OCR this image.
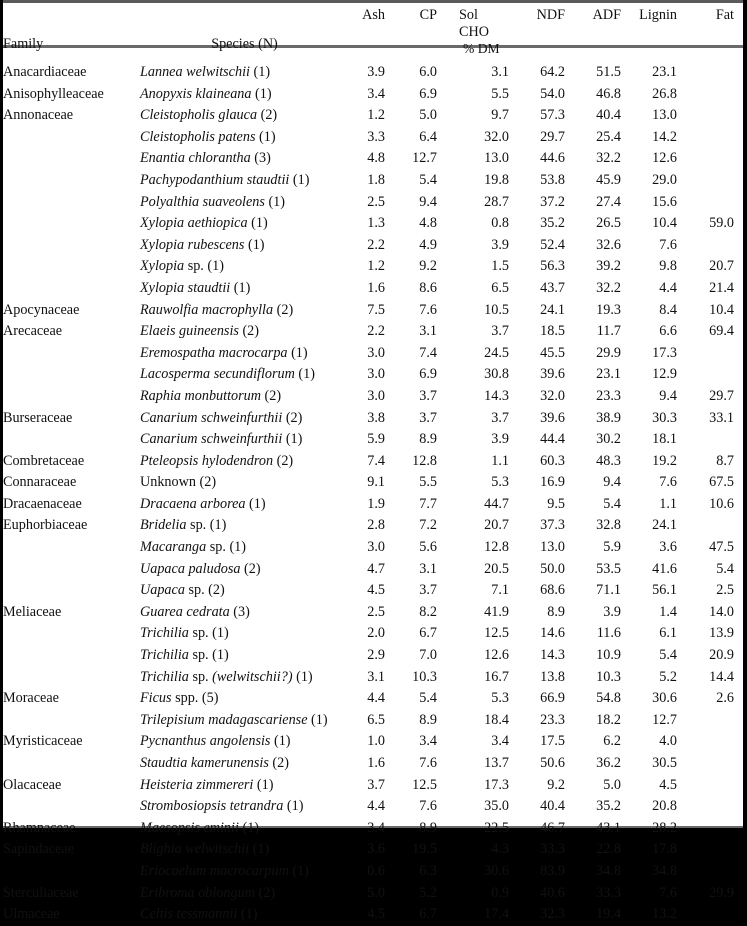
Family	Species (N)	Ash	CP	Sol CHO	NDF	ADF	Lignin	Fat

				% DM				

Anacardiaceae	Lannea welwitschii (1)	3.9	6.0	3.1	64.2	51.5	23.1	
Anisophylleaceae	Anopyxis klaineana (1)	3.4	6.9	5.5	54.0	46.8	26.8	
Annonaceae	Cleistopholis glauca (2)	1.2	5.0	9.7	57.3	40.4	13.0	
	Cleistopholis patens (1)	3.3	6.4	32.0	29.7	25.4	14.2	
	Enantia chlorantha (3)	4.8	12.7	13.0	44.6	32.2	12.6	
	Pachypodanthium staudtii (1)	1.8	5.4	19.8	53.8	45.9	29.0	
	Polyalthia suaveolens (1)	2.5	9.4	28.7	37.2	27.4	15.6	
	Xylopia aethiopica (1)	1.3	4.8	0.8	35.2	26.5	10.4	59.0
	Xylopia rubescens (1)	2.2	4.9	3.9	52.4	32.6	7.6	
	Xylopia sp. (1)	1.2	9.2	1.5	56.3	39.2	9.8	20.7
	Xylopia staudtii (1)	1.6	8.6	6.5	43.7	32.2	4.4	21.4
Apocynaceae	Rauwolfia macrophylla (2)	7.5	7.6	10.5	24.1	19.3	8.4	10.4
Arecaceae	Elaeis guineensis (2)	2.2	3.1	3.7	18.5	11.7	6.6	69.4
	Eremospatha macrocarpa (1)	3.0	7.4	24.5	45.5	29.9	17.3	
	Lacosperma secundiflorum (1)	3.0	6.9	30.8	39.6	23.1	12.9	
	Raphia monbuttorum (2)	3.0	3.7	14.3	32.0	23.3	9.4	29.7
Burseraceae	Canarium schweinfurthii (2)	3.8	3.7	3.7	39.6	38.9	30.3	33.1
	Canarium schweinfurthii (1)	5.9	8.9	3.9	44.4	30.2	18.1	
Combretaceae	Pteleopsis hylodendron (2)	7.4	12.8	1.1	60.3	48.3	19.2	8.7
Connaraceae	Unknown (2)	9.1	5.5	5.3	16.9	9.4	7.6	67.5
Dracaenaceae	Dracaena arborea (1)	1.9	7.7	44.7	9.5	5.4	1.1	10.6
Euphorbiaceae	Bridelia sp. (1)	2.8	7.2	20.7	37.3	32.8	24.1	
	Macaranga sp. (1)	3.0	5.6	12.8	13.0	5.9	3.6	47.5
	Uapaca paludosa (2)	4.7	3.1	20.5	50.0	53.5	41.6	5.4
	Uapaca sp. (2)	4.5	3.7	7.1	68.6	71.1	56.1	2.5
Meliaceae	Guarea cedrata (3)	2.5	8.2	41.9	8.9	3.9	1.4	14.0
	Trichilia sp. (1)	2.0	6.7	12.5	14.6	11.6	6.1	13.9
	Trichilia sp. (1)	2.9	7.0	12.6	14.3	10.9	5.4	20.9
	Trichilia sp. (welwitschii?) (1)	3.1	10.3	16.7	13.8	10.3	5.2	14.4
Moraceae	Ficus spp. (5)	4.4	5.4	5.3	66.9	54.8	30.6	2.6
	Trilepisium madagascariense (1)	6.5	8.9	18.4	23.3	18.2	12.7	
Myristicaceae	Pycnanthus angolensis (1)	1.0	3.4	3.4	17.5	6.2	4.0	
	Staudtia kamerunensis (2)	1.6	7.6	13.7	50.6	36.2	30.5	
Olacaceae	Heisteria zimmereri (1)	3.7	12.5	17.3	9.2	5.0	4.5	
	Strombosiopsis tetrandra (1)	4.4	7.6	35.0	40.4	35.2	20.8	
Rhamnaceae	Maesopsis eminii (1)	3.4	8.9	22.5	46.7	43.1	28.2	
Sapindaceae	Blighia welwitschii (1)	3.6	19.5	4.3	33.3	22.8	17.8	
	Eriocoelum macrocarpum (1)	0.6	6.3	30.6	83.9	34.8	34.8	
Sterculiaceae	Eribroma oblongum (2)	5.0	5.2	0.9	40.6	33.3	7.6	29.9
Ulmaceae	Celtis tessmannii (1)	4.5	6.7	17.4	32.3	19.4	13.2	
